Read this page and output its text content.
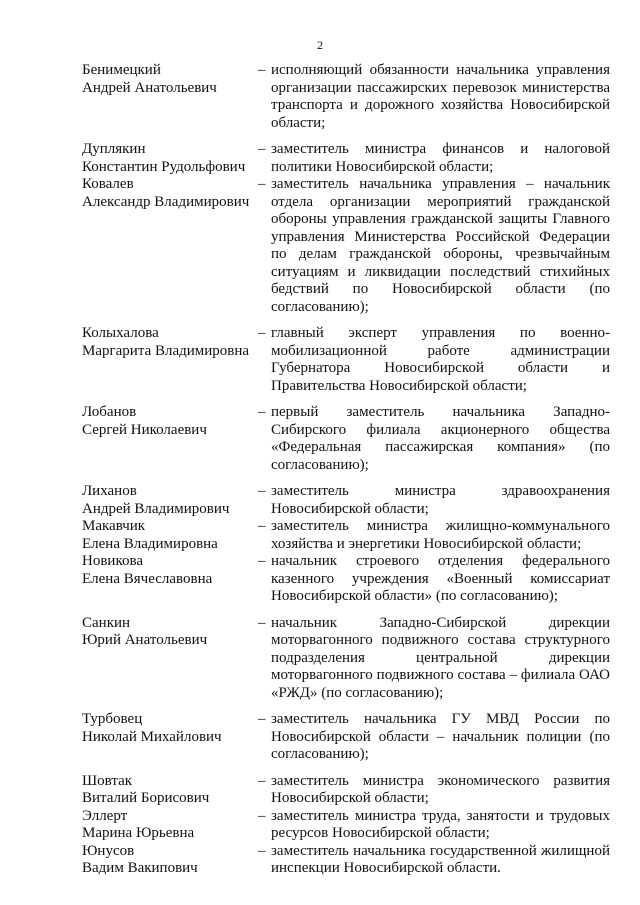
2
Бенимецкий
Андрей Анатольевич
– исполняющий обязанности начальника управления организации пассажирских перевозок министерства транспорта и дорожного хозяйства Новосибирской области;
Дуплякин
Константин Рудольфович
– заместитель министра финансов и налоговой политики Новосибирской области;
Ковалев
Александр Владимирович
– заместитель начальника управления – начальник отдела организации мероприятий гражданской обороны управления гражданской защиты Главного управления Министерства Российской Федерации по делам гражданской обороны, чрезвычайным ситуациям и ликвидации последствий стихийных бедствий по Новосибирской области (по согласованию);
Колыхалова
Маргарита Владимировна
– главный эксперт управления по военно-мобилизационной работе администрации Губернатора Новосибирской области и Правительства Новосибирской области;
Лобанов
Сергей Николаевич
– первый заместитель начальника Западно-Сибирского филиала акционерного общества «Федеральная пассажирская компания» (по согласованию);
Лиханов
Андрей Владимирович
– заместитель министра здравоохранения Новосибирской области;
Макавчик
Елена Владимировна
– заместитель министра жилищно-коммунального хозяйства и энергетики Новосибирской области;
Новикова
Елена Вячеславовна
– начальник строевого отделения федерального казенного учреждения «Военный комиссариат Новосибирской области» (по согласованию);
Санкин
Юрий Анатольевич
– начальник Западно-Сибирской дирекции моторвагонного подвижного состава структурного подразделения центральной дирекции моторвагонного подвижного состава – филиала ОАО «РЖД» (по согласованию);
Турбовец
Николай Михайлович
– заместитель начальника ГУ МВД России по Новосибирской области – начальник полиции (по согласованию);
Шовтак
Виталий Борисович
– заместитель министра экономического развития Новосибирской области;
Эллерт
Марина Юрьевна
– заместитель министра труда, занятости и трудовых ресурсов Новосибирской области;
Юнусов
Вадим Вакипович
– заместитель начальника государственной жилищной инспекции Новосибирской области.
